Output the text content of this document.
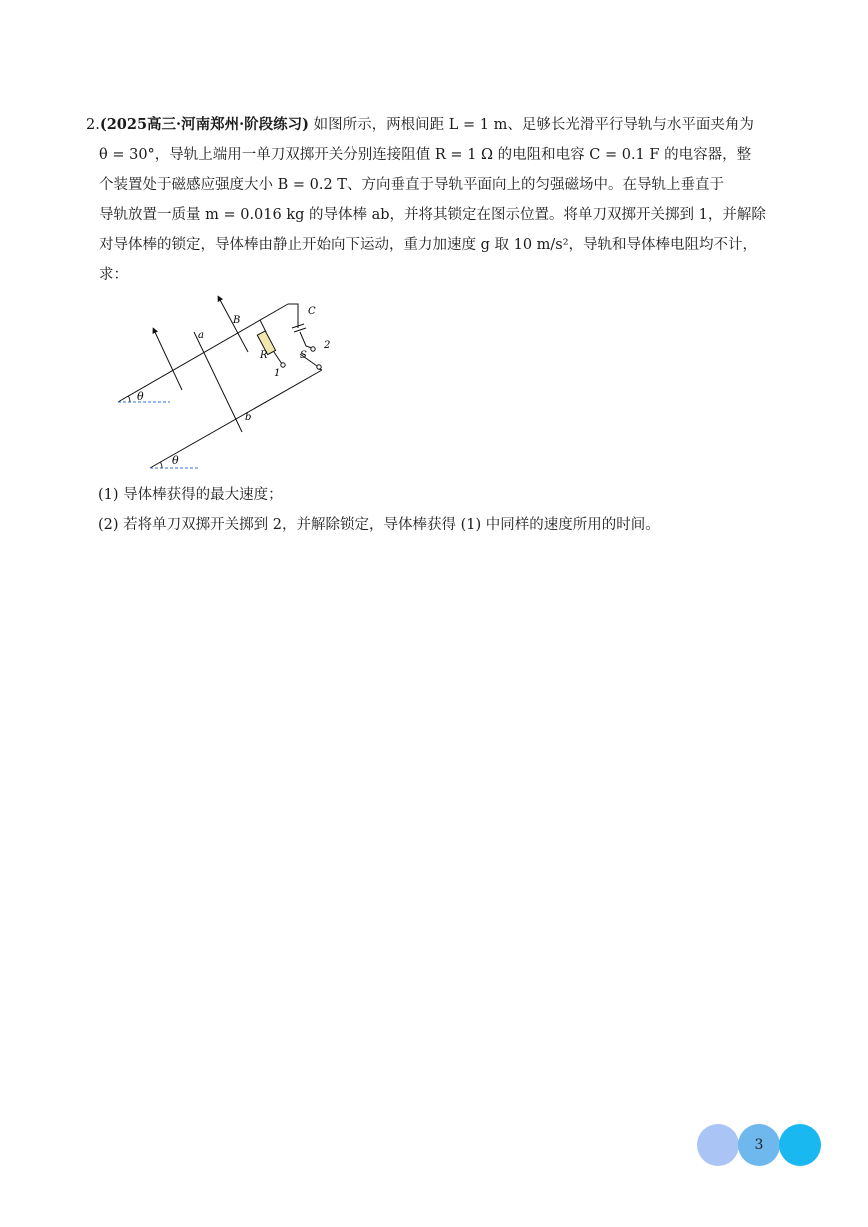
2.(2025高三·河南郑州·阶段练习) 如图所示，两根间距 L = 1 m、足够长光滑平行导轨与水平面夹角为
θ = 30°，导轨上端用一单刀双掷开关分别连接阻值 R = 1 Ω 的电阻和电容 C = 0.1 F 的电容器，整
个装置处于磁感应强度大小 B = 0.2 T、方向垂直于导轨平面向上的匀强磁场中。在导轨上垂直于
导轨放置一质量 m = 0.016 kg 的导体棒 ab，并将其锁定在图示位置。将单刀双掷开关掷到 1，并解除
对导体棒的锁定，导体棒由静止开始向下运动，重力加速度 g 取 10 m/s²，导轨和导体棒电阻均不计，
求：
θ
θ
a
b
B
C
R	S
2
1
(1) 导体棒获得的最大速度；
(2) 若将单刀双掷开关掷到 2，并解除锁定，导体棒获得 (1) 中同样的速度所用的时间。
3
